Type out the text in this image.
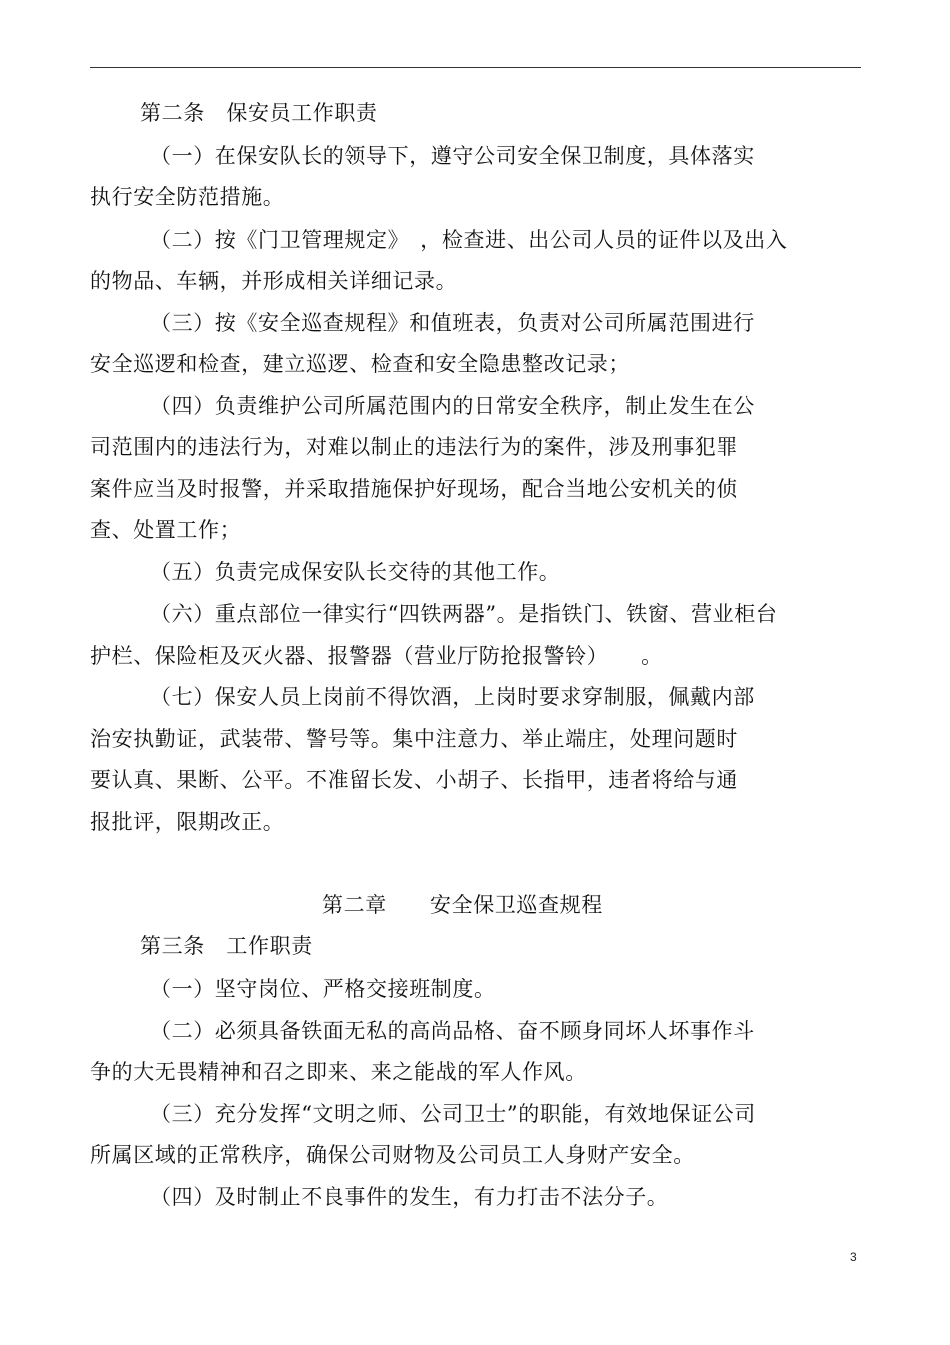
第二条　保安员工作职责
（一）在保安队长的领导下，遵守公司安全保卫制度，具体落实
执行安全防范措施。
（二）按《门卫管理规定》　，检查进、出公司人员的证件以及出入
的物品、车辆，并形成相关详细记录。
（三）按《安全巡查规程》和值班表，负责对公司所属范围进行
安全巡逻和检查，建立巡逻、检查和安全隐患整改记录；
（四）负责维护公司所属范围内的日常安全秩序，制止发生在公
司范围内的违法行为，对难以制止的违法行为的案件，涉及刑事犯罪
案件应当及时报警，并采取措施保护好现场，配合当地公安机关的侦
查、处置工作；
（五）负责完成保安队长交待的其他工作。
（六）重点部位一律实行“四铁两器”。是指铁门、铁窗、营业柜台
护栏、保险柜及灭火器、报警器（营业厅防抢报警铃）　　。
（七）保安人员上岗前不得饮酒，上岗时要求穿制服，佩戴内部
治安执勤证，武装带、警号等。集中注意力、举止端庄，处理问题时
要认真、果断、公平。不准留长发、小胡子、长指甲，违者将给与通
报批评，限期改正。
第二章　　安全保卫巡查规程
第三条　工作职责
（一）坚守岗位、严格交接班制度。
（二）必须具备铁面无私的高尚品格、奋不顾身同坏人坏事作斗
争的大无畏精神和召之即来、来之能战的军人作风。
（三）充分发挥“文明之师、公司卫士”的职能，有效地保证公司
所属区域的正常秩序，确保公司财物及公司员工人身财产安全。
（四）及时制止不良事件的发生，有力打击不法分子。
3
